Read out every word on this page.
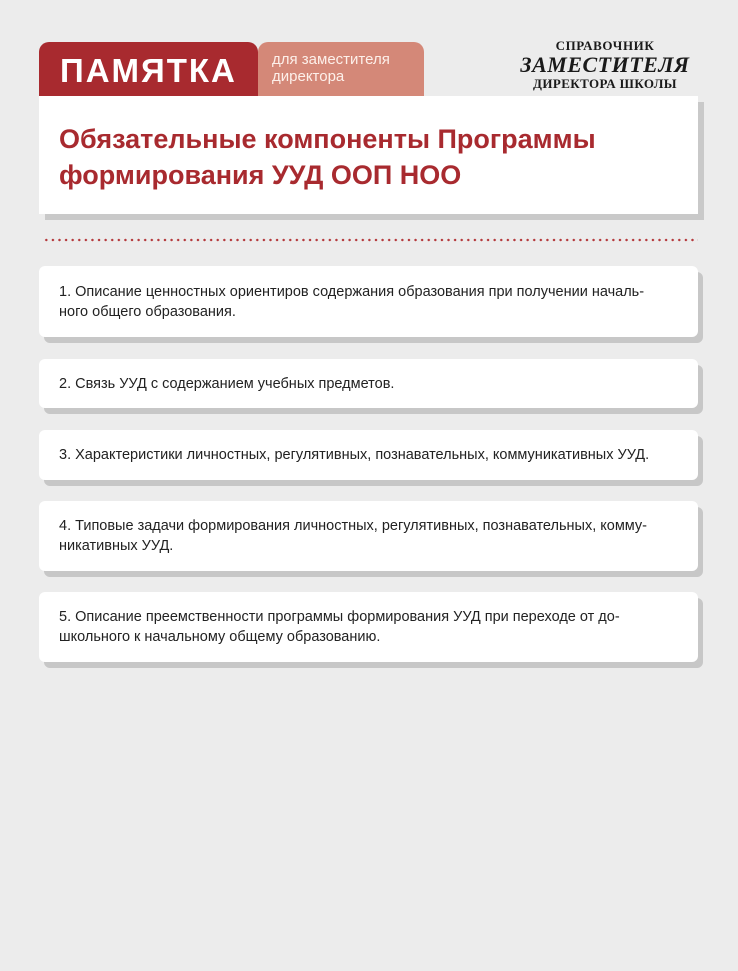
ПАМЯТКА	для заместителя
директора
СПРАВОЧНИК
ЗАМЕСТИТЕЛЯ
ДИРЕКТОРА ШКОЛЫ
Обязательные компоненты Программы
формирования УУД ООП НОО
1. Описание ценностных ориентиров содержания образования при получении началь-
ного общего образования.
2. Связь УУД с содержанием учебных предметов.
3. Характеристики личностных, регулятивных, познавательных, коммуникативных УУД.
4. Типовые задачи формирования личностных, регулятивных, познавательных, комму-
никативных УУД.
5. Описание преемственности программы формирования УУД при переходе от до-
школьного к начальному общему образованию.
